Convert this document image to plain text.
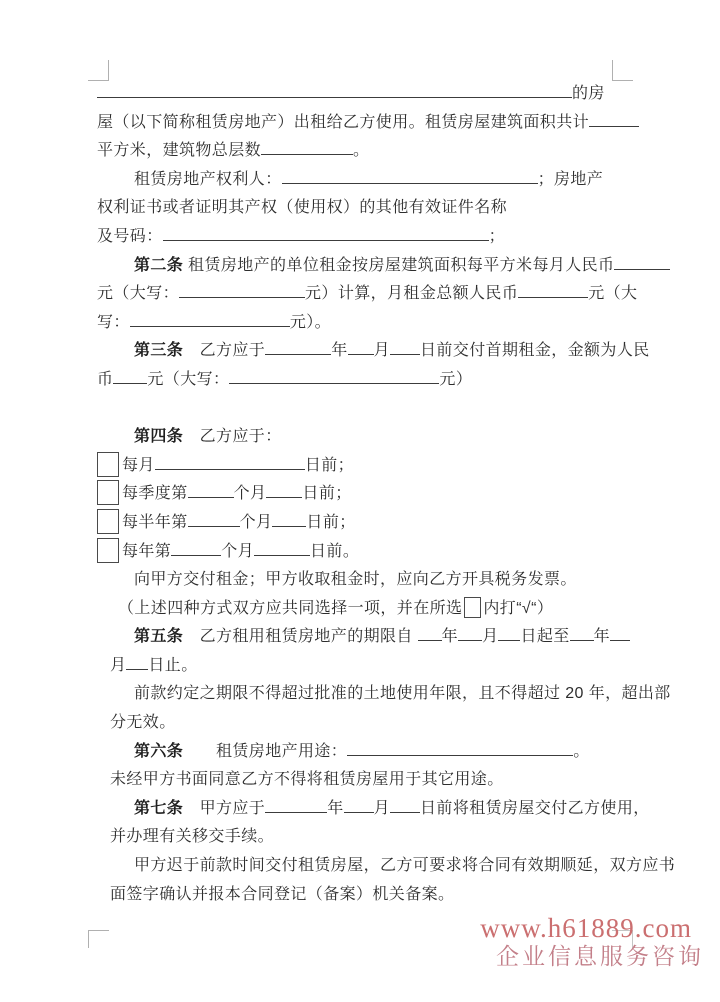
的房
屋（以下简称租赁房地产）出租给乙方使用。租赁房屋建筑面积共计
平方米，建筑物总层数	。
租赁房地产权利人：	；房地产
权利证书或者证明其产权（使用权）的其他有效证件名称
及号码：	；
第二条 租赁房地产的单位租金按房屋建筑面积每平方米每月人民币
元（大写：	元）计算，月租金总额人民币	元（大
写：	元）。
第三条　乙方应于	年 月 日前交付首期租金，金额为人民
币 元（大写：	元）
第四条　乙方应于：
每月	日前；
每季度第	个月 日前；
每半年第	个月 日前；
每年第	个月	日前。
向甲方交付租金；甲方收取租金时，应向乙方开具税务发票。
（上述四种方式双方应共同选择一项，并在所选 内打“√“）
第五条　乙方租用租赁房地产的期限自 年 月 日起至 年
月 日止。
前款约定之期限不得超过批准的土地使用年限，且不得超过 20 年，超出部
分无效。
第六条　　租赁房地产用途：	。
未经甲方书面同意乙方不得将租赁房屋用于其它用途。
第七条　甲方应于	年 月 日前将租赁房屋交付乙方使用，
并办理有关移交手续。
甲方迟于前款时间交付租赁房屋，乙方可要求将合同有效期顺延，双方应书
面签字确认并报本合同登记（备案）机关备案。
www.h61889.com
企业信息服务咨询
